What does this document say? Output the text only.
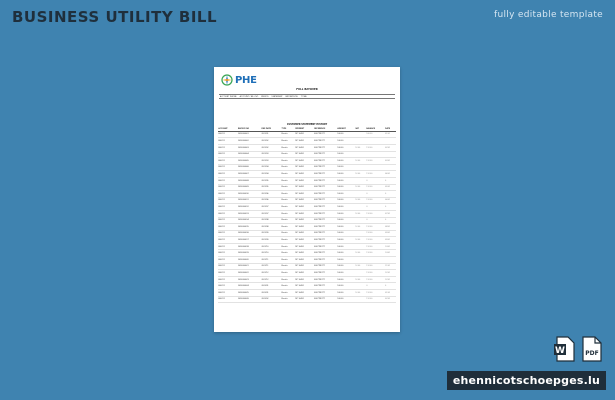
BUSINESS UTILITY BILL	fully editable template
PHE
FULL BAYOVER
ACCOUNT PHONE ACCOUNT / BILL NO PERIOD STATEMENT PAY METHOD TOTAL
CUSTOMER STATEMENT HISTORY
ACCOUNT	INVOICE NO	DUE DATE	TYPE	PAYMENT	REFERENCE	AMOUNT	VAT	BALANCE	DATE
800211	2020000001	2021/01	Electric	MC 10451	ELECTRICITY	100.00		100.00	01/01
800211	2020000002	2021/02	Electric	MC 10451	ELECTRICITY	100.00			
800211	2020000003	2021/02	Electric	MC 10451	ELECTRICITY	100.00	12.00	112.00	02/01
800211	2020000004	2021/03	Electric	MC 10451	ELECTRICITY	100.00			
800211	2020000005	2021/03	Electric	MC 10451	ELECTRICITY	100.00	12.00	112.00	03/01
800211	2020000006	2021/04	Electric	MC 10451	ELECTRICITY	100.00			
800211	2020000007	2021/04	Electric	MC 10451	ELECTRICITY	100.00	12.00	112.00	04/01
800211	2020000008	2021/05	Electric	MC 10451	ELECTRICITY	100.00		0	0
800211	2020000009	2021/05	Electric	MC 10451	ELECTRICITY	100.00	12.00	112.00	05/01
800211	2020000010	2021/06	Electric	MC 10451	ELECTRICITY	100.00		0	0
800211	2020000011	2021/06	Electric	MC 10451	ELECTRICITY	100.00	12.00	112.00	06/01
800211	2020000012	2021/07	Electric	MC 10451	ELECTRICITY	100.00		0	0
800211	2020000013	2021/07	Electric	MC 10451	ELECTRICITY	100.00	12.00	112.00	07/01
800211	2020000014	2021/08	Electric	MC 10451	ELECTRICITY	100.00		0	0
800211	2020000015	2021/08	Electric	MC 10451	ELECTRICITY	100.00	12.00	112.00	08/01
800211	2020000016	2021/09	Electric	MC 10451	ELECTRICITY	100.00		112.00	09/01
800211	2020000017	2021/09	Electric	MC 10451	ELECTRICITY	100.00	12.00	112.00	09/01
800211	2020000018	2021/10	Electric	MC 10451	ELECTRICITY	100.00		112.00	10/01
800211	2020000019	2021/10	Electric	MC 10451	ELECTRICITY	100.00	12.00	112.00	10/01
800211	2020000020	2021/11	Electric	MC 10451	ELECTRICITY	100.00			
800211	2020000021	2021/11	Electric	MC 10451	ELECTRICITY	100.00	12.00	112.00	11/01
800211	2020000022	2021/12	Electric	MC 10451	ELECTRICITY	100.00		112.00	12/01
800211	2020000023	2021/12	Electric	MC 10451	ELECTRICITY	100.00	12.00	112.00	12/01
800211	2020000024	2022/01	Electric	MC 10451	ELECTRICITY	100.00		0	0
800211	2020000025	2022/01	Electric	MC 10451	ELECTRICITY	100.00	12.00	112.00	01/02
800211	2020000026	2022/02	Electric	MC 10451	ELECTRICITY	100.00		112.00	02/02
W	PDF
ehennicotschoepges.lu
